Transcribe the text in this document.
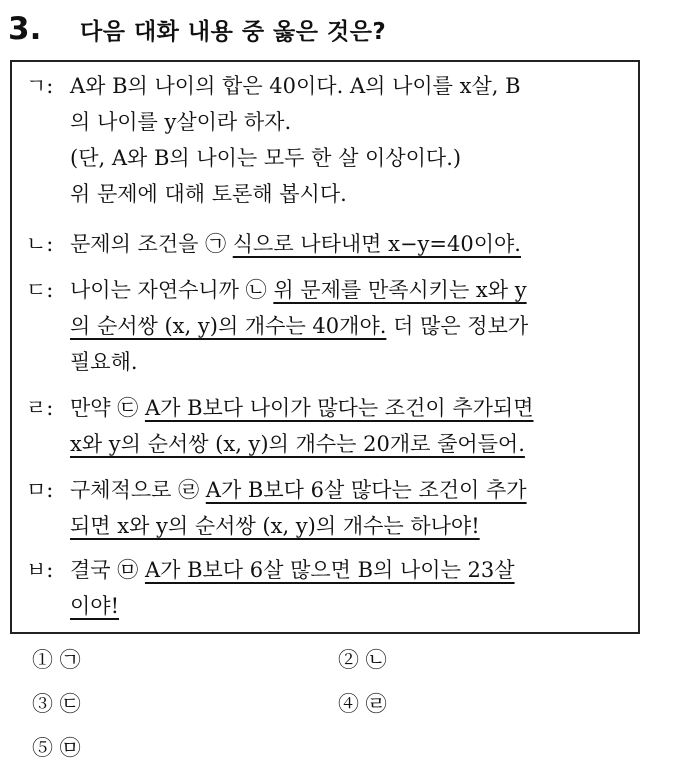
3.	다음 대화 내용 중 옳은 것은?
ㄱ: A와 B의 나이의 합은 40이다. A의 나이를 x살, B
의 나이를 y살이라 하자.
(단, A와 B의 나이는 모두 한 살 이상이다.)
위 문제에 대해 토론해 봅시다.
ㄴ: 문제의 조건을 ㉠ 식으로 나타내면 x−y=40이야.
ㄷ: 나이는 자연수니까 ㉡ 위 문제를 만족시키는 x와 y
의 순서쌍 (x, y)의 개수는 40개야. 더 많은 정보가
필요해.
ㄹ: 만약 ㉢ A가 B보다 나이가 많다는 조건이 추가되면
x와 y의 순서쌍 (x, y)의 개수는 20개로 줄어들어.
ㅁ: 구체적으로 ㉣ A가 B보다 6살 많다는 조건이 추가
되면 x와 y의 순서쌍 (x, y)의 개수는 하나야!
ㅂ: 결국 ㉤ A가 B보다 6살 많으면 B의 나이는 23살
이야!
① ㉠	② ㉡
③ ㉢	④ ㉣
⑤ ㉤
